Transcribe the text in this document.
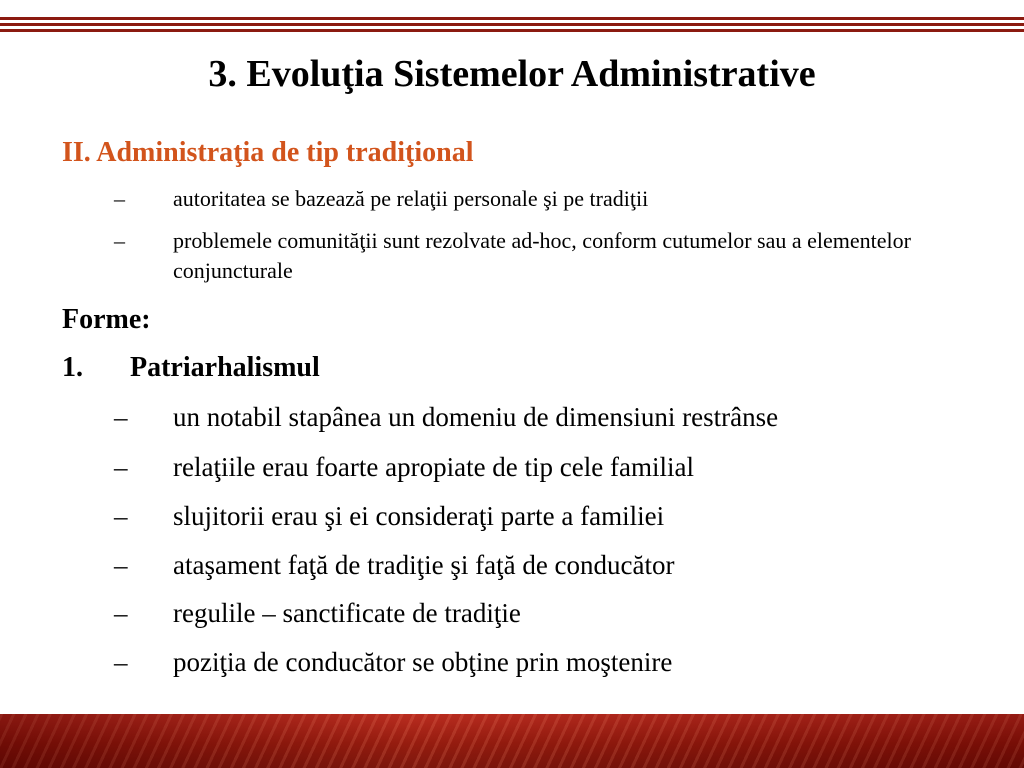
3. Evoluţia Sistemelor Administrative
II. Administraţia de tip tradiţional
– autoritatea se bazează pe relaţii personale şi pe tradiţii
– problemele comunităţii sunt rezolvate ad-hoc, conform cutumelor sau a elementelor conjuncturale
Forme:
1. Patriarhalismul
– un notabil stapânea un domeniu de dimensiuni restrânse
– relaţiile erau foarte apropiate de tip cele familial
– slujitorii erau şi ei consideraţi parte a familiei
– ataşament faţă de tradiţie şi faţă de conducător
– regulile – sanctificate de tradiţie
– poziţia de conducător se obţine prin moştenire
